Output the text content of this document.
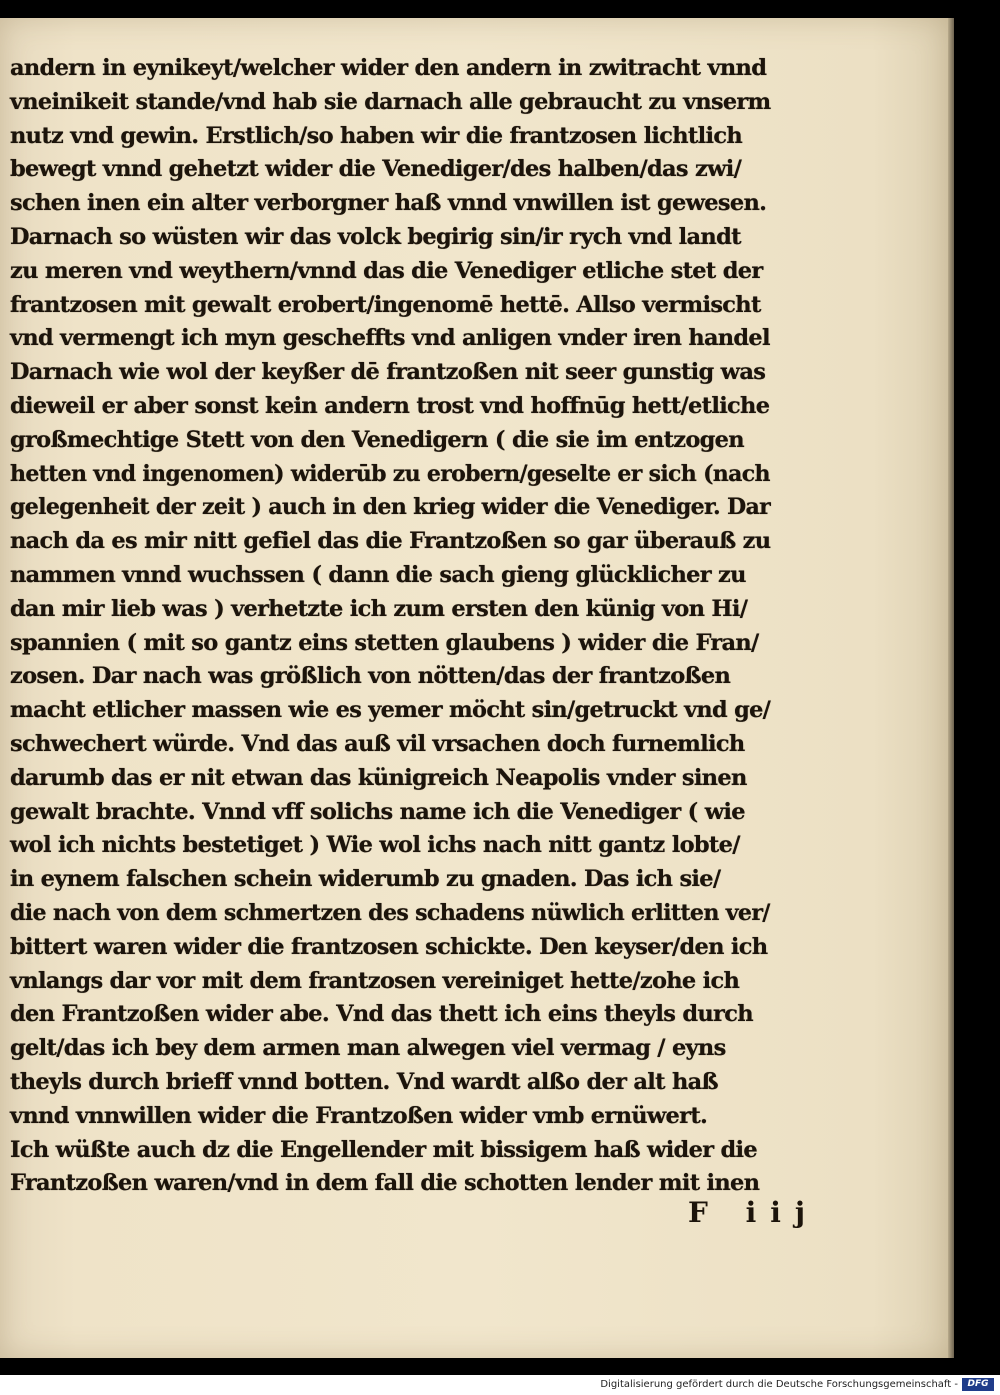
andern in eynikeyt/welcher wider den andern in zwitracht vnnd
vneinikeit stande/vnd hab sie darnach alle gebraucht zu vnserm
nutz vnd gewin. Erstlich/so haben wir die frantzosen lichtlich
bewegt vnnd gehetzt wider die Venediger/des halben/das zwi/
schen inen ein alter verborgner haß vnnd vnwillen ist gewesen.
Darnach so wüsten wir das volck begirig sin/ir rych vnd landt
zu meren vnd weythern/vnnd das die Venediger etliche stet der
frantzosen mit gewalt erobert/ingenomē hettē. Allso vermischt
vnd vermengt ich myn gescheffts vnd anligen vnder iren handel
Darnach wie wol der keyßer dē frantzoßen nit seer gunstig was
dieweil er aber sonst kein andern trost vnd hoffnūg hett/etliche
großmechtige Stett von den Venedigern ( die sie im entzogen
hetten vnd ingenomen) widerūb zu erobern/geselte er sich (nach
gelegenheit der zeit ) auch in den krieg wider die Venediger. Dar
nach da es mir nitt gefiel das die Frantzoßen so gar überauß zu
nammen vnnd wuchssen ( dann die sach gieng glücklicher zu
dan mir lieb was ) verhetzte ich zum ersten den künig von Hi/
spannien ( mit so gantz eins stetten glaubens ) wider die Fran/
zosen. Dar nach was größlich von nötten/das der frantzoßen
macht etlicher massen wie es yemer möcht sin/getruckt vnd ge/
schwechert würde. Vnd das auß vil vrsachen doch furnemlich
darumb das er nit etwan das künigreich Neapolis vnder sinen
gewalt brachte. Vnnd vff solichs name ich die Venediger ( wie
wol ich nichts bestetiget ) Wie wol ichs nach nitt gantz lobte/
in eynem falschen schein widerumb zu gnaden. Das ich sie/
die nach von dem schmertzen des schadens nüwlich erlitten ver/
bittert waren wider die frantzosen schickte. Den keyser/den ich
vnlangs dar vor mit dem frantzosen vereiniget hette/zohe ich
den Frantzoßen wider abe. Vnd das thett ich eins theyls durch
gelt/das ich bey dem armen man alwegen viel vermag / eyns
theyls durch brieff vnnd botten. Vnd wardt alßo der alt haß
vnnd vnnwillen wider die Frantzoßen wider vmb ernüwert.
Ich wüßte auch dz die Engellender mit bissigem haß wider die
Frantzoßen waren/vnd in dem fall die schotten lender mit inen
F iij
Digitalisierung gefördert durch die Deutsche Forschungsgemeinschaft -	DFG
